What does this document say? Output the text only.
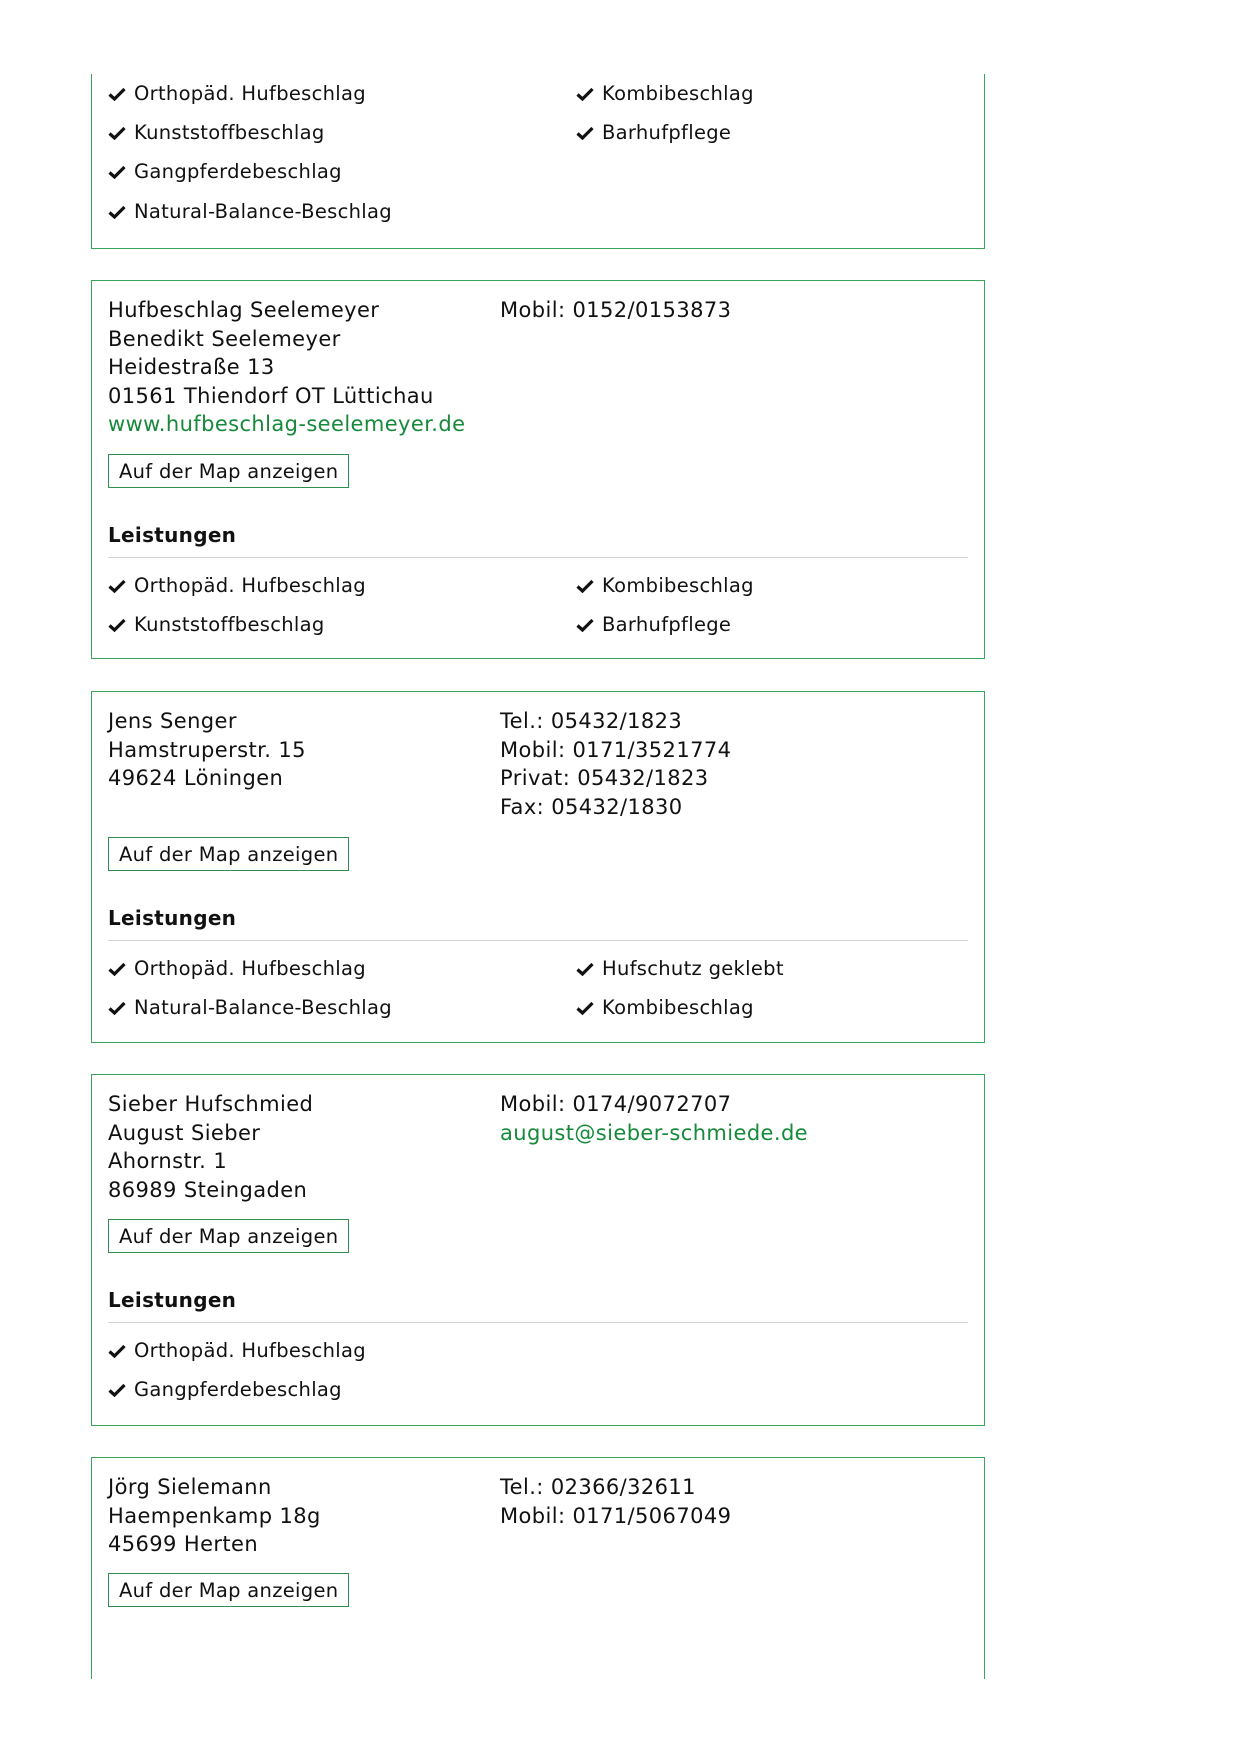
Orthopäd. Hufbeschlag	Kombibeschlag
Kunststoffbeschlag	Barhufpflege
Gangpferdebeschlag
Natural-Balance-Beschlag
Hufbeschlag Seelemeyer
Benedikt Seelemeyer
Heidestraße 13
01561 Thiendorf OT Lüttichau
www.hufbeschlag-seelemeyer.de
Mobil: 0152/0153873
Auf der Map anzeigen
Leistungen
Orthopäd. Hufbeschlag	Kombibeschlag
Kunststoffbeschlag	Barhufpflege
Jens Senger
Hamstruperstr. 15
49624 Löningen
Tel.: 05432/1823
Mobil: 0171/3521774
Privat: 05432/1823
Fax: 05432/1830
Auf der Map anzeigen
Leistungen
Orthopäd. Hufbeschlag	Hufschutz geklebt
Natural-Balance-Beschlag	Kombibeschlag
Sieber Hufschmied
August Sieber
Ahornstr. 1
86989 Steingaden
Mobil: 0174/9072707
august@sieber-schmiede.de
Auf der Map anzeigen
Leistungen
Orthopäd. Hufbeschlag
Gangpferdebeschlag
Jörg Sielemann
Haempenkamp 18g
45699 Herten
Tel.: 02366/32611
Mobil: 0171/5067049
Auf der Map anzeigen
